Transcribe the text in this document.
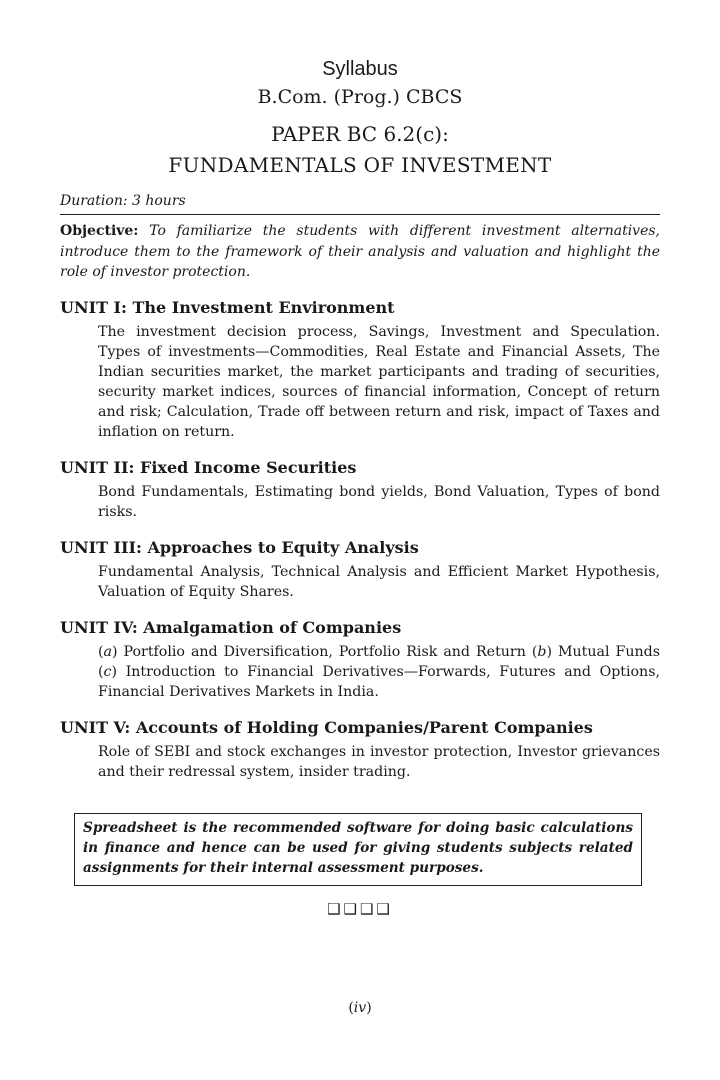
Syllabus
B.Com. (Prog.) CBCS
PAPER BC 6.2(c):
FUNDAMENTALS OF INVESTMENT
Duration: 3 hours
Objective: To familiarize the students with different investment alternatives, introduce them to the framework of their analysis and valuation and highlight the role of investor protection.
UNIT I: The Investment Environment
The investment decision process, Savings, Investment and Speculation. Types of investments—Commodities, Real Estate and Financial Assets, The Indian securities market, the market participants and trading of securities, security market indices, sources of financial information, Concept of return and risk; Calculation, Trade off between return and risk, impact of Taxes and inflation on return.
UNIT II: Fixed Income Securities
Bond Fundamentals, Estimating bond yields, Bond Valuation, Types of bond risks.
UNIT III: Approaches to Equity Analysis
Fundamental Analysis, Technical Analysis and Efficient Market Hypothesis, Valuation of Equity Shares.
UNIT IV: Amalgamation of Companies
(a) Portfolio and Diversification, Portfolio Risk and Return (b) Mutual Funds (c) Introduction to Financial Derivatives—Forwards, Futures and Options, Financial Derivatives Markets in India.
UNIT V: Accounts of Holding Companies/Parent Companies
Role of SEBI and stock exchanges in investor protection, Investor grievances and their redressal system, insider trading.
Spreadsheet is the recommended software for doing basic calculations in finance and hence can be used for giving students subjects related assignments for their internal assessment purposes.
❑❑❑❑
(iv)
